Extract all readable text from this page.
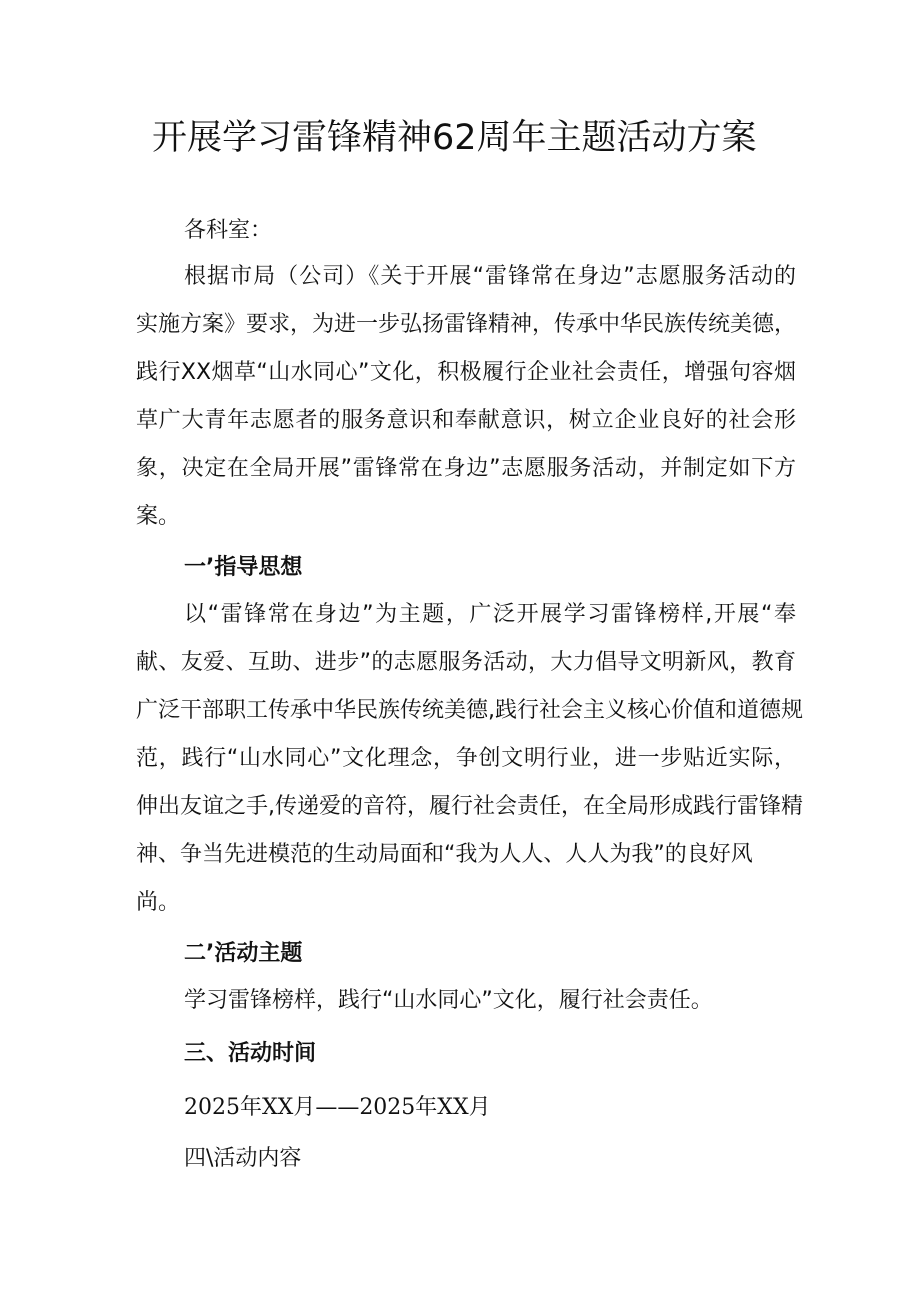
开展学习雷锋精神62周年主题活动方案

各科室：

根据市局（公司）《关于开展“雷锋常在身边”志愿服务活动的

实施方案》要求，为进一步弘扬雷锋精神，传承中华民族传统美德，

践行XX烟草“山水同心”文化，积极履行企业社会责任，增强句容烟

草广大青年志愿者的服务意识和奉献意识，树立企业良好的社会形

象，决定在全局开展”雷锋常在身边”志愿服务活动，并制定如下方

案。

一’指导思想

以“雷锋常在身边”为主题，广泛开展学习雷锋榜样,开展“奉

献、友爱、互助、进步”的志愿服务活动，大力倡导文明新风，教育

广泛干部职工传承中华民族传统美德,践行社会主义核心价值和道德规

范，践行“山水同心”文化理念，争创文明行业，进一步贴近实际，

伸出友谊之手,传递爱的音符，履行社会责任，在全局形成践行雷锋精

神、争当先进模范的生动局面和“我为人人、人人为我”的良好风

尚。

二’活动主题

学习雷锋榜样，践行“山水同心”文化，履行社会责任。

三、活动时间

2025年XX月——2025年XX月

四\活动内容
